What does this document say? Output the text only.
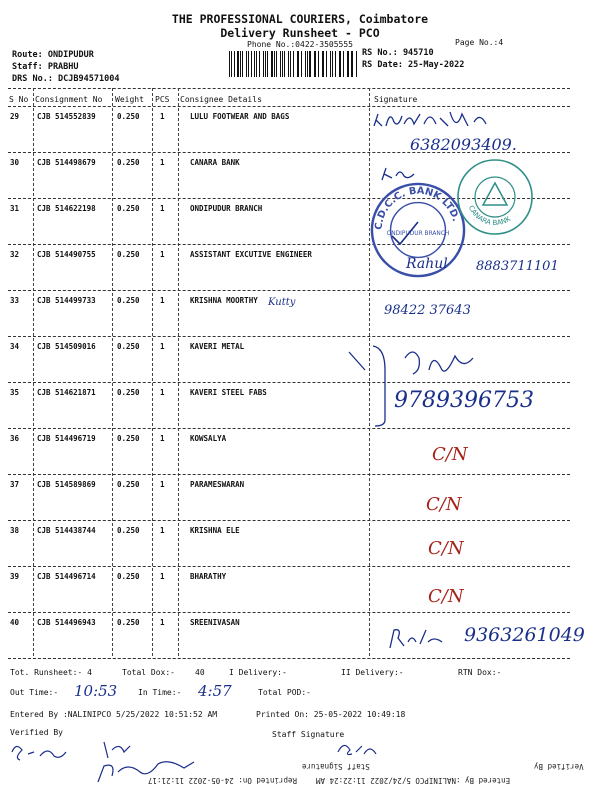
THE PROFESSIONAL COURIERS, Coimbatore
Delivery Runsheet - PCO
Phone No.:0422-3505555	Page No.:4
Route: ONDIPUDUR
Staff: PRABHU
DRS No.: DCJB94571004
RS No.: 945710
RS Date: 25-May-2022
S No Consignment No Weight PCS Consignee Details	Signature
29 CJB 514552839	0.250	1	LULU FOOTWEAR AND BAGS
30 CJB 514498679	0.250	1	CANARA BANK
31 CJB 514622198	0.250	1	ONDIPUDUR BRANCH
32 CJB 514490755	0.250	1	ASSISTANT EXCUTIVE ENGINEER
33 CJB 514499733	0.250	1	KRISHNA MOORTHY
34 CJB 514509016	0.250	1	KAVERI METAL
35 CJB 514621871	0.250	1	KAVERI STEEL FABS
36 CJB 514496719	0.250	1	KOWSALYA
37 CJB 514589869	0.250	1	PARAMESWARAN
38 CJB 514438744	0.250	1	KRISHNA ELE
39 CJB 514496714	0.250	1	BHARATHY
40 CJB 514496943	0.250	1	SREENIVASAN
C.D.C.C. BANK LTD.
ONDIPUDUR BRANCH
CANARA BANK
6382093409.
Rahul 8883711101
Kutty
98422 37643
9789396753
C/N
C/N
C/N
C/N
9363261049
Tot. Runsheet:- 4	Total Dox:-	40	I Delivery:-	II Delivery:-	RTN Dox:-
Out Time:- 10:53	In Time:- 4:57	Total POD:-
Entered By :NALINIPCO 5/25/2022 10:51:52 AM	Printed On: 25-05-2022 10:49:18
Verified By	Staff Signature
Entered By :NALINIPCO 5/24/2022 11:22:24 AM
Reprinted On: 24-05-2022 11:21:17
Staff Signature	Verified By
